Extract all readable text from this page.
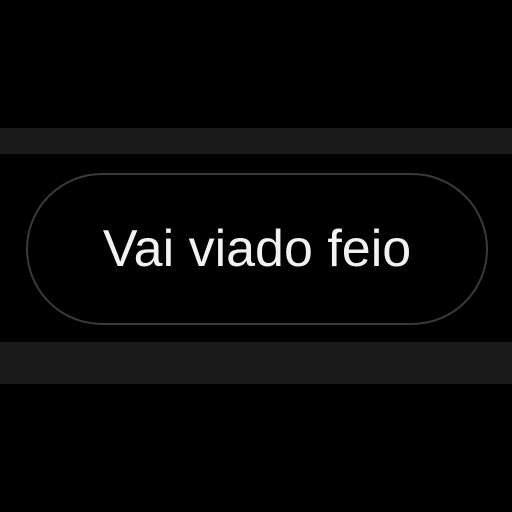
Vai viado feio
